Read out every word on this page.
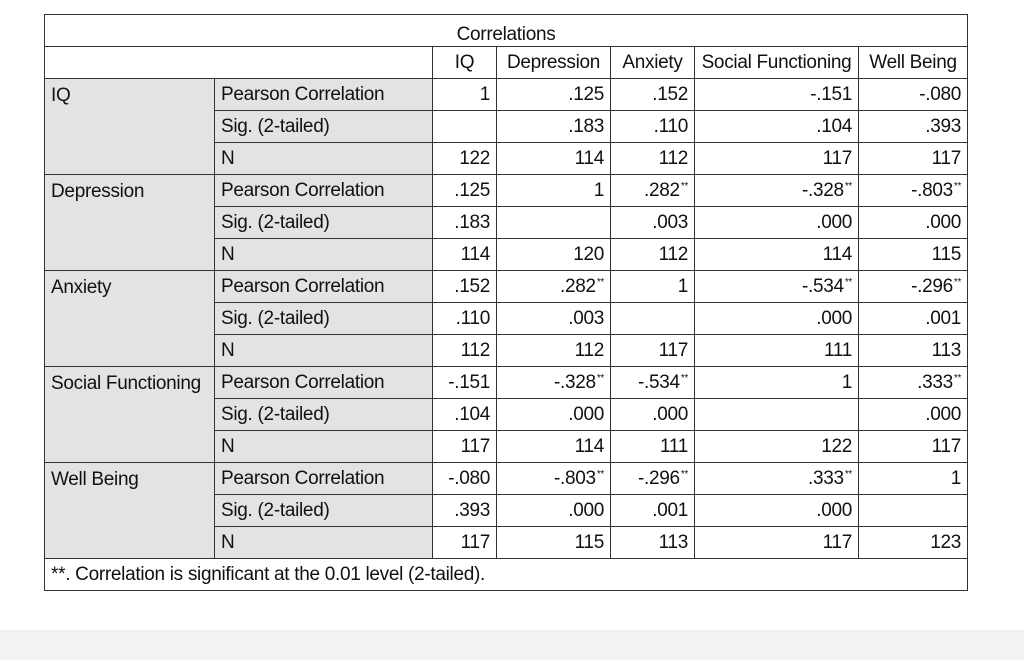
Correlations						
		IQ	Depression	Anxiety	Social Functioning	Well Being
IQ	Pearson Correlation	1	.125	.152	-.151	-.080
	Sig. (2-tailed)		.183	.110	.104	.393
	N	122	114	112	117	117
Depression	Pearson Correlation	.125	1	.282**	-.328**	-.803**
	Sig. (2-tailed)	.183		.003	.000	.000
	N	114	120	112	114	115
Anxiety	Pearson Correlation	.152	.282**	1	-.534**	-.296**
	Sig. (2-tailed)	.110	.003		.000	.001
	N	112	112	117	111	113
Social Functioning	Pearson Correlation	-.151	-.328**	-.534**	1	.333**
	Sig. (2-tailed)	.104	.000	.000		.000
	N	117	114	111	122	117
Well Being	Pearson Correlation	-.080	-.803**	-.296**	.333**	1
	Sig. (2-tailed)	.393	.000	.001	.000	
	N	117	115	113	117	123
**. Correlation is significant at the 0.01 level (2-tailed).						
